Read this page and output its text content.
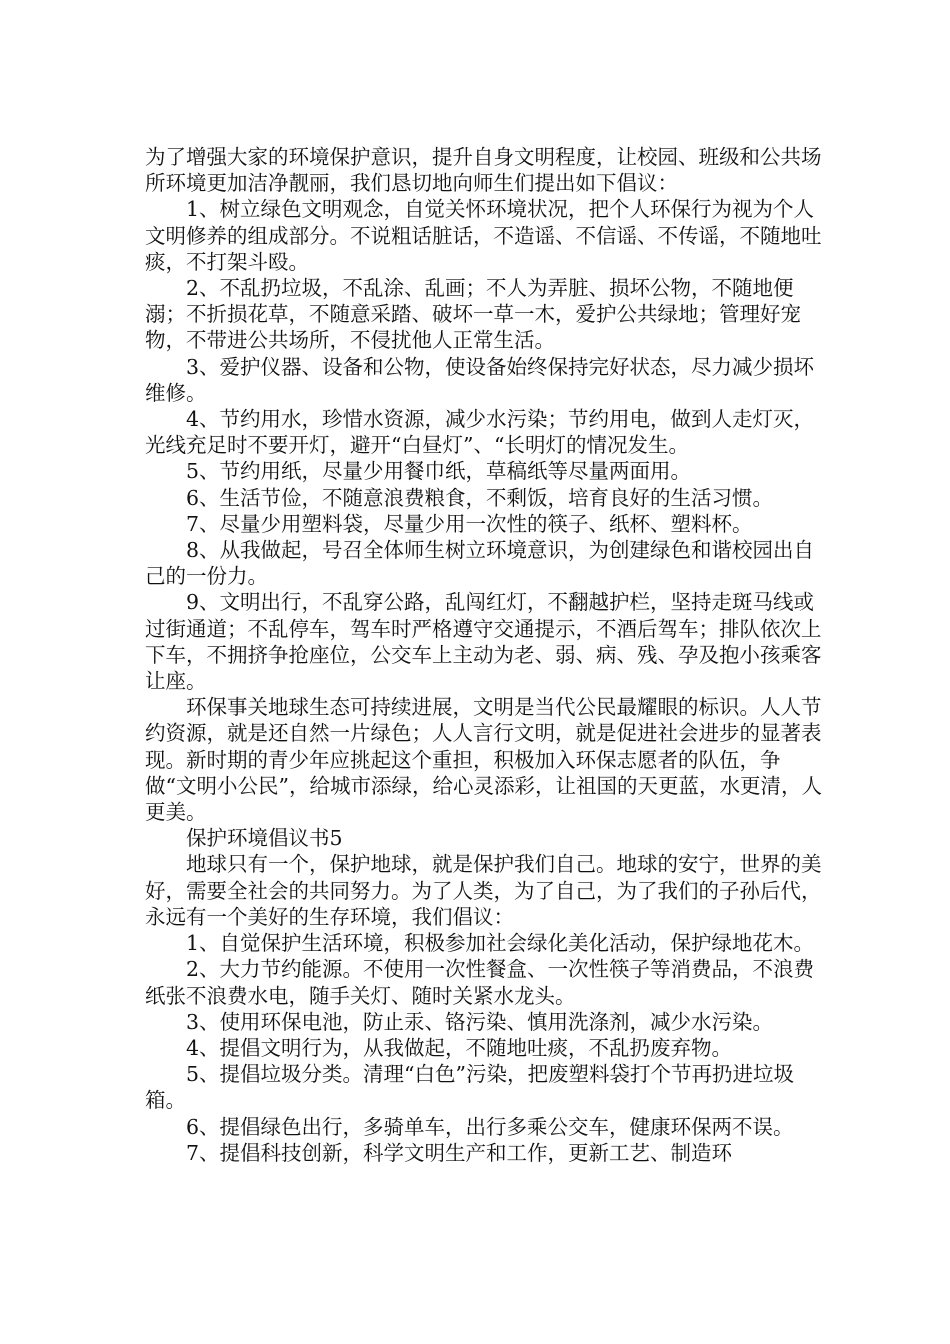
为了增强大家的环境保护意识，提升自身文明程度，让校园、班级和公共场所环境更加洁净靓丽，我们恳切地向师生们提出如下倡议：

1、树立绿色文明观念，自觉关怀环境状况，把个人环保行为视为个人文明修养的组成部分。不说粗话脏话，不造谣、不信谣、不传谣，不随地吐痰，不打架斗殴。

2、不乱扔垃圾，不乱涂、乱画；不人为弄脏、损坏公物，不随地便溺；不折损花草，不随意采踏、破坏一草一木，爱护公共绿地；管理好宠物，不带进公共场所，不侵扰他人正常生活。

3、爱护仪器、设备和公物，使设备始终保持完好状态，尽力减少损坏维修。

4、节约用水，珍惜水资源，减少水污染；节约用电，做到人走灯灭，光线充足时不要开灯，避开“白昼灯”、“长明灯的情况发生。

5、节约用纸，尽量少用餐巾纸，草稿纸等尽量两面用。

6、生活节俭，不随意浪费粮食，不剩饭，培育良好的生活习惯。

7、尽量少用塑料袋，尽量少用一次性的筷子、纸杯、塑料杯。

8、从我做起，号召全体师生树立环境意识，为创建绿色和谐校园出自己的一份力。

9、文明出行，不乱穿公路，乱闯红灯，不翻越护栏，坚持走斑马线或过街通道；不乱停车，驾车时严格遵守交通提示，不酒后驾车；排队依次上下车，不拥挤争抢座位，公交车上主动为老、弱、病、残、孕及抱小孩乘客让座。

环保事关地球生态可持续进展，文明是当代公民最耀眼的标识。人人节约资源，就是还自然一片绿色；人人言行文明，就是促进社会进步的显著表现。新时期的青少年应挑起这个重担，积极加入环保志愿者的队伍，争做“文明小公民”，给城市添绿，给心灵添彩，让祖国的天更蓝，水更清，人更美。

保护环境倡议书5

地球只有一个，保护地球，就是保护我们自己。地球的安宁，世界的美好，需要全社会的共同努力。为了人类，为了自己，为了我们的子孙后代，永远有一个美好的生存环境，我们倡议：

1、自觉保护生活环境，积极参加社会绿化美化活动，保护绿地花木。

2、大力节约能源。不使用一次性餐盒、一次性筷子等消费品，不浪费纸张不浪费水电，随手关灯、随时关紧水龙头。

3、使用环保电池，防止汞、铬污染、慎用洗涤剂，减少水污染。

4、提倡文明行为，从我做起，不随地吐痰，不乱扔废弃物。

5、提倡垃圾分类。清理“白色”污染，把废塑料袋打个节再扔进垃圾箱。

6、提倡绿色出行，多骑单车，出行多乘公交车，健康环保两不误。

7、提倡科技创新，科学文明生产和工作，更新工艺、制造环
